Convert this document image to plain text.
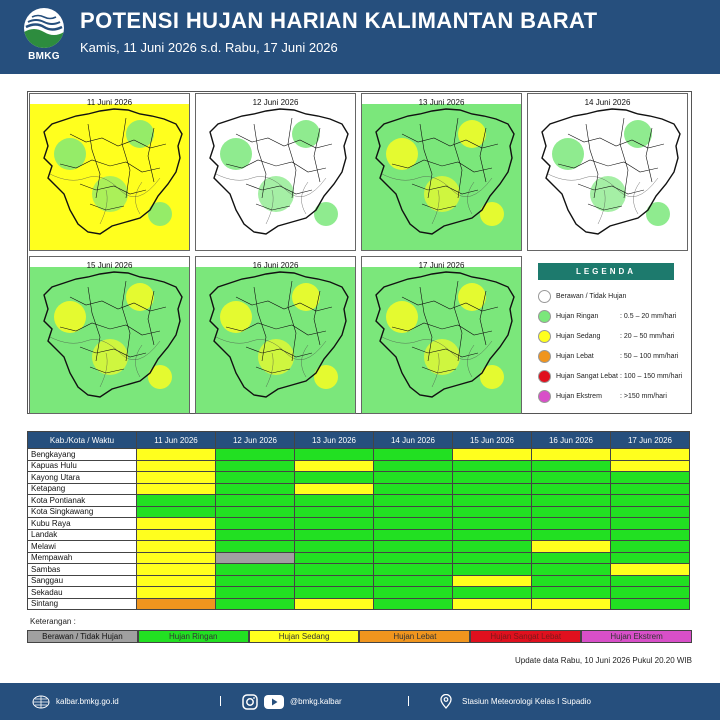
BMKG
POTENSI HUJAN HARIAN KALIMANTAN BARAT
Kamis, 11 Juni 2026 s.d. Rabu, 17 Juni 2026
11 Juni 2026	12 Juni 2026	13 Juni 2026	14 Juni 2026
15 Juni 2026	16 Juni 2026	17 Juni 2026
LEGENDA
Berawan / Tidak Hujan
Hujan Ringan	: 0.5 – 20 mm/hari
Hujan Sedang	: 20 – 50 mm/hari
Hujan Lebat	: 50 – 100 mm/hari
Hujan Sangat Lebat : 100 – 150 mm/hari
Hujan Ekstrem	: >150 mm/hari
Kab./Kota / Waktu	11 Jun 2026	12 Jun 2026	13 Jun 2026	14 Jun 2026	15 Jun 2026	16 Jun 2026	17 Jun 2026
Bengkayang							
Kapuas Hulu							
Kayong Utara							
Ketapang							
Kota Pontianak							
Kota Singkawang							
Kubu Raya							
Landak							
Melawi							
Mempawah							
Sambas							
Sanggau							
Sekadau							
Sintang							
Keterangan :
Berawan / Tidak Hujan	Hujan Ringan	Hujan Sedang	Hujan Lebat	Hujan Sangat Lebat	Hujan Ekstrem
Update data Rabu, 10 Juni 2026 Pukul 20.20 WIB
kalbar.bmkg.go.id	@bmkg.kalbar	Stasiun Meteorologi Kelas I Supadio
